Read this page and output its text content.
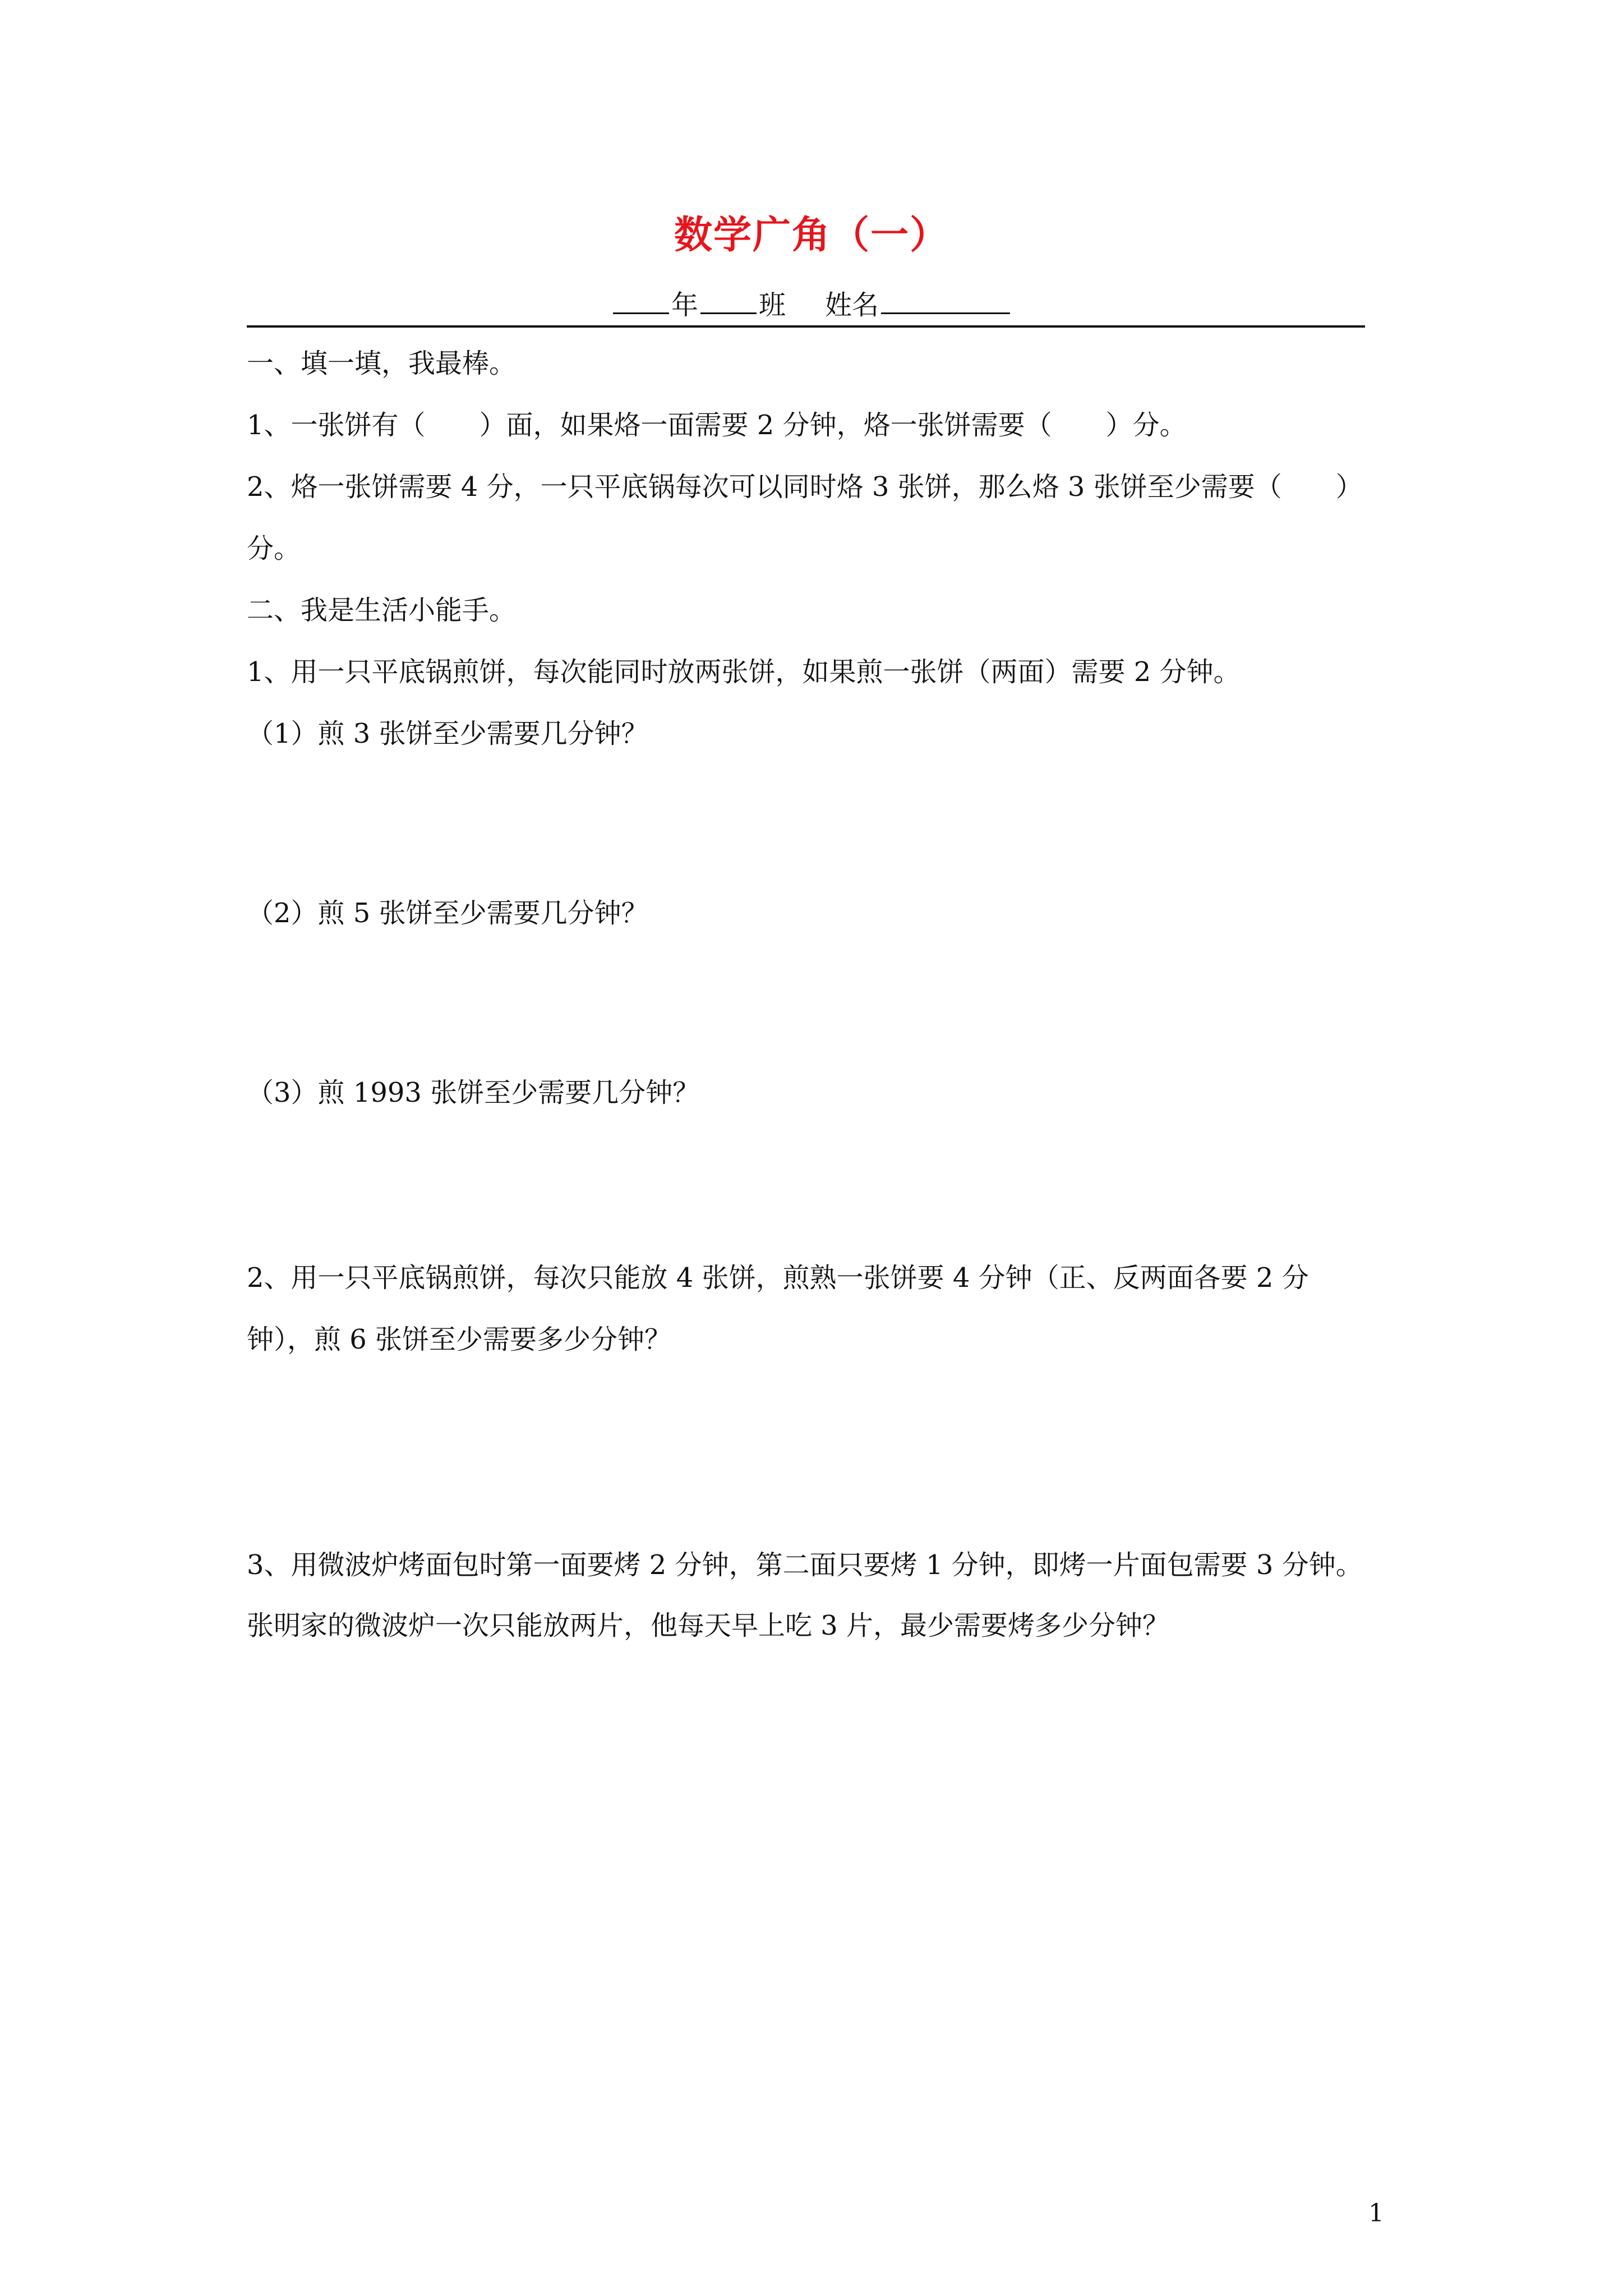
数学广角（一）
年 班 姓名
一、填一填，我最棒。
1、一张饼有（　　）面，如果烙一面需要 2 分钟，烙一张饼需要（　　）分。
2、烙一张饼需要 4 分，一只平底锅每次可以同时烙 3 张饼，那么烙 3 张饼至少需要（　　）
分。
二、我是生活小能手。
1、用一只平底锅煎饼，每次能同时放两张饼，如果煎一张饼（两面）需要 2 分钟。
（1）煎 3 张饼至少需要几分钟？
（2）煎 5 张饼至少需要几分钟？
（3）煎 1993 张饼至少需要几分钟？
2、用一只平底锅煎饼，每次只能放 4 张饼，煎熟一张饼要 4 分钟（正、反两面各要 2 分
钟），煎 6 张饼至少需要多少分钟？
3、用微波炉烤面包时第一面要烤 2 分钟，第二面只要烤 1 分钟，即烤一片面包需要 3 分钟。
张明家的微波炉一次只能放两片，他每天早上吃 3 片，最少需要烤多少分钟？
1
